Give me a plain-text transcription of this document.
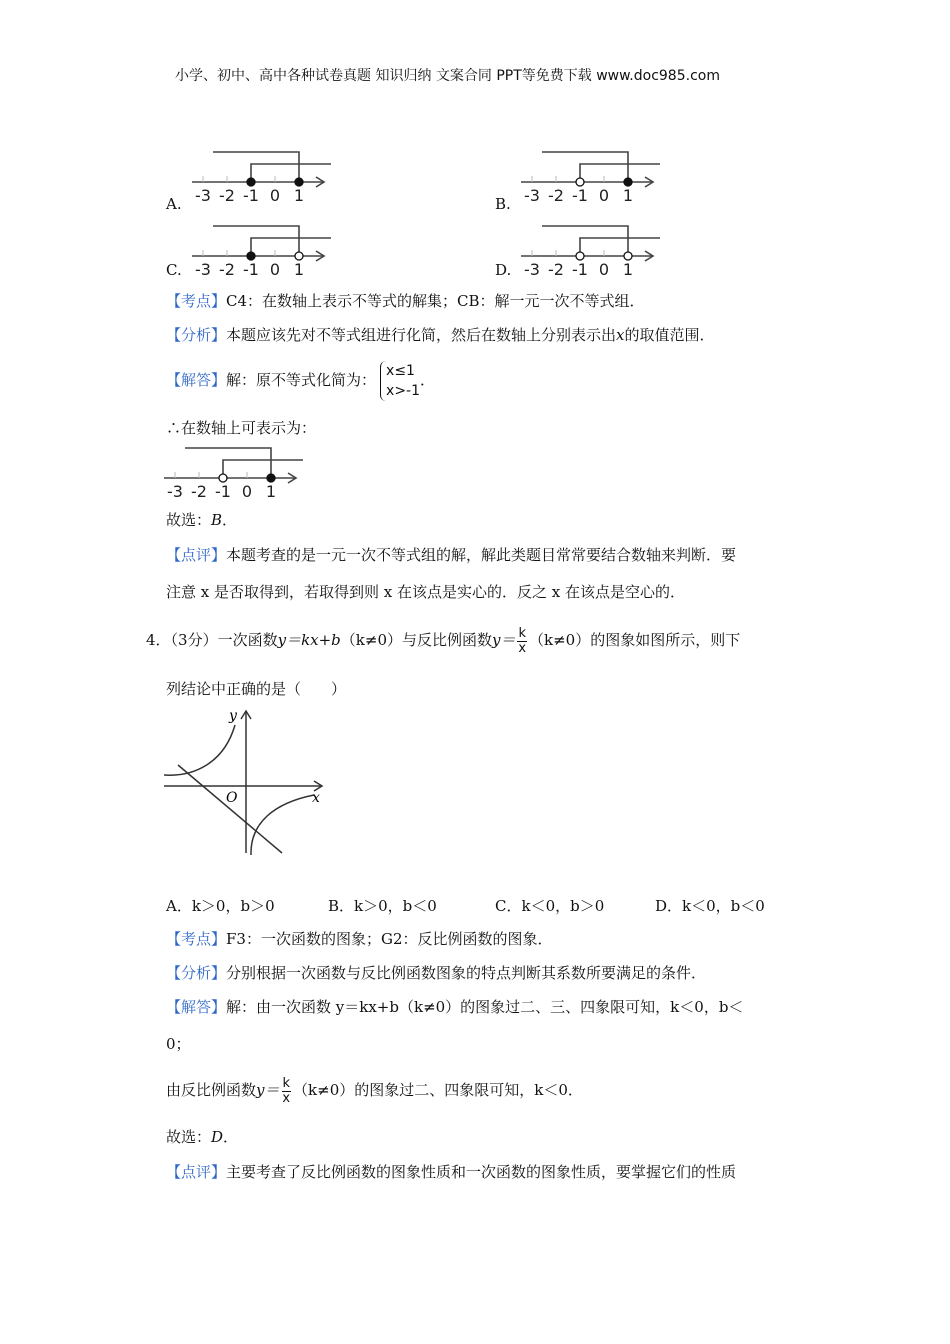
小学、初中、高中各种试卷真题 知识归纳 文案合同 PPT等免费下载 www.doc985.com
A. -3 -2 -1 0 1	B. -3 -2 -1 0 1
C. -3 -2 -1 0 1	D. -3 -2 -1 0 1
【考点】C4：在数轴上表示不等式的解集；CB：解一元一次不等式组．
【分析】本题应该先对不等式组进行化简，然后在数轴上分别表示出x的取值范围．
【解答】解：原不等式化简为： x≤1
x>-1
．
∴在数轴上可表示为：
-3 -2 -1 0 1
故选：B．
【点评】本题考查的是一元一次不等式组的解，解此类题目常常要结合数轴来判断．要
注意 x 是否取得到，若取得到则 x 在该点是实心的．反之 x 在该点是空心的．
4．（3分）一次函数y＝kx+b（k≠0）与反比例函数$y= \frac{k}{x} (k\ne 0)$的图象如图所示，则下
列结论中正确的是（　　）
y
x
O
A．k＞0，b＞0	B．k＞0，b＜0	C．k＜0，b＞0	D．k＜0，b＜0
【考点】F3：一次函数的图象；G2：反比例函数的图象．
【分析】分别根据一次函数与反比例函数图象的特点判断其系数所要满足的条件．
【解答】解：由一次函数 y＝kx+b（k≠0）的图象过二、三、四象限可知，k＜0，b＜
0；
由反比例函数$y= \frac{k}{x} (k\ne 0)$的图象过二、四象限可知，k＜0．
故选：D．
【点评】主要考查了反比例函数的图象性质和一次函数的图象性质，要掌握它们的性质
